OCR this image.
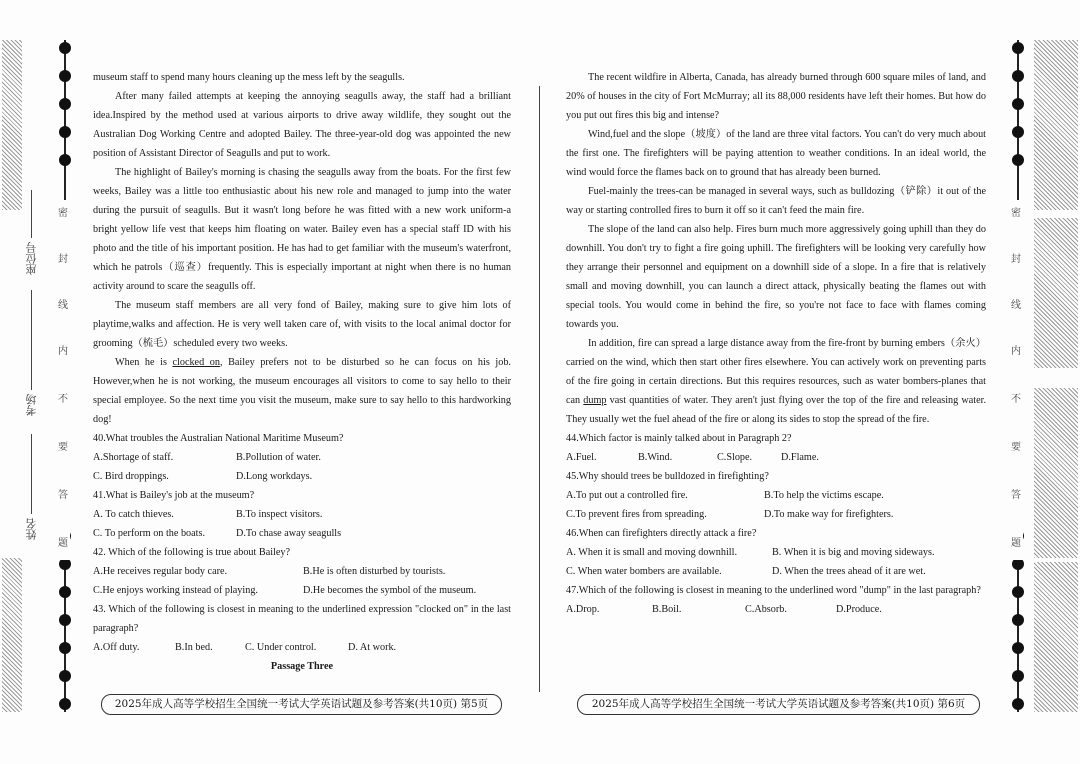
座位号
考场
姓名
密
封
线
内
不
要
答
题
密
封
线
内
不
要
答
题

museum staff to spend many hours cleaning up the mess left by the seagulls.

After many failed attempts at keeping the annoying seagulls away, the staff had a brilliant idea.Inspired by the method used at various airports to drive away wildlife, they sought out the Australian Dog Working Centre and adopted Bailey. The three-year-old dog was appointed the new position of Assistant Director of Seagulls and put to work.

The highlight of Bailey's morning is chasing the seagulls away from the boats. For the first few weeks, Bailey was a little too enthusiastic about his new role and managed to jump into the water during the pursuit of seagulls. But it wasn't long before he was fitted with a new work uniform-a bright yellow life vest that keeps him floating on water. Bailey even has a special staff ID with his photo and the title of his important position. He has had to get familiar with the museum's waterfront, which he patrols（巡查）frequently. This is especially important at night when there is no human activity around to scare the seagulls off.

The museum staff members are all very fond of Bailey, making sure to give him lots of playtime,walks and affection. He is very well taken care of, with visits to the local animal doctor for grooming（梳毛）scheduled every two weeks.

When he is clocked on, Bailey prefers not to be disturbed so he can focus on his job. However,when he is not working, the museum encourages all visitors to come to say hello to their special employee. So the next time you visit the museum, make sure to say hello to this hardworking dog!

40.What troubles the Australian National Maritime Museum?

A.Shortage of staff.	B.Pollution of water.
C. Bird droppings.	D.Long workdays.

41.What is Bailey's job at the museum?

A. To catch thieves.	B.To inspect visitors.
C. To perform on the boats.	D.To chase away seagulls

42. Which of the following is true about Bailey?

A.He receives regular body care.	B.He is often disturbed by tourists.
C.He enjoys working instead of playing.	D.He becomes the symbol of the museum.

43. Which of the following is closest in meaning to the underlined expression "clocked on" in the last paragraph?

A.Off duty.	B.In bed.	C. Under control.	D. At work.

Passage Three

The recent wildfire in Alberta, Canada, has already burned through 600 square miles of land, and 20% of houses in the city of Fort McMurray; all its 88,000 residents have left their homes. But how do you put out fires this big and intense?

Wind,fuel and the slope（坡度）of the land are three vital factors. You can't do very much about the first one. The firefighters will be paying attention to weather conditions. In an ideal world, the wind would force the flames back on to ground that has already been burned.

Fuel-mainly the trees-can be managed in several ways, such as bulldozing（铲除）it out of the way or starting controlled fires to burn it off so it can't feed the main fire.

The slope of the land can also help. Fires burn much more aggressively going uphill than they do downhill. You don't try to fight a fire going uphill. The firefighters will be looking very carefully how they arrange their personnel and equipment on a downhill side of a slope. In a fire that is relatively small and moving downhill, you can launch a direct attack, physically beating the flames out with special tools. You would come in behind the fire, so you're not face to face with flames coming towards you.

In addition, fire can spread a large distance away from the fire-front by burning embers（余火）carried on the wind, which then start other fires elsewhere. You can actively work on preventing parts of the fire going in certain directions. But this requires resources, such as water bombers-planes that can dump vast quantities of water. They aren't just flying over the top of the fire and releasing water. They usually wet the fuel ahead of the fire or along its sides to stop the spread of the fire.

44.Which factor is mainly talked about in Paragraph 2?

A.Fuel.	B.Wind.	C.Slope.	D.Flame.

45.Why should trees be bulldozed in firefighting?

A.To put out a controlled fire.	B.To help the victims escape.
C.To prevent fires from spreading.	D.To make way for firefighters.

46.When can firefighters directly attack a fire?

A. When it is small and moving downhill.	B. When it is big and moving sideways.
C. When water bombers are available.	D. When the trees ahead of it are wet.

47.Which of the following is closest in meaning to the underlined word "dump" in the last paragraph?

A.Drop.	B.Boil.	C.Absorb.	D.Produce.
2025年成人高等学校招生全国统一考试大学英语试题及参考答案(共10页) 第5页	2025年成人高等学校招生全国统一考试大学英语试题及参考答案(共10页) 第6页
